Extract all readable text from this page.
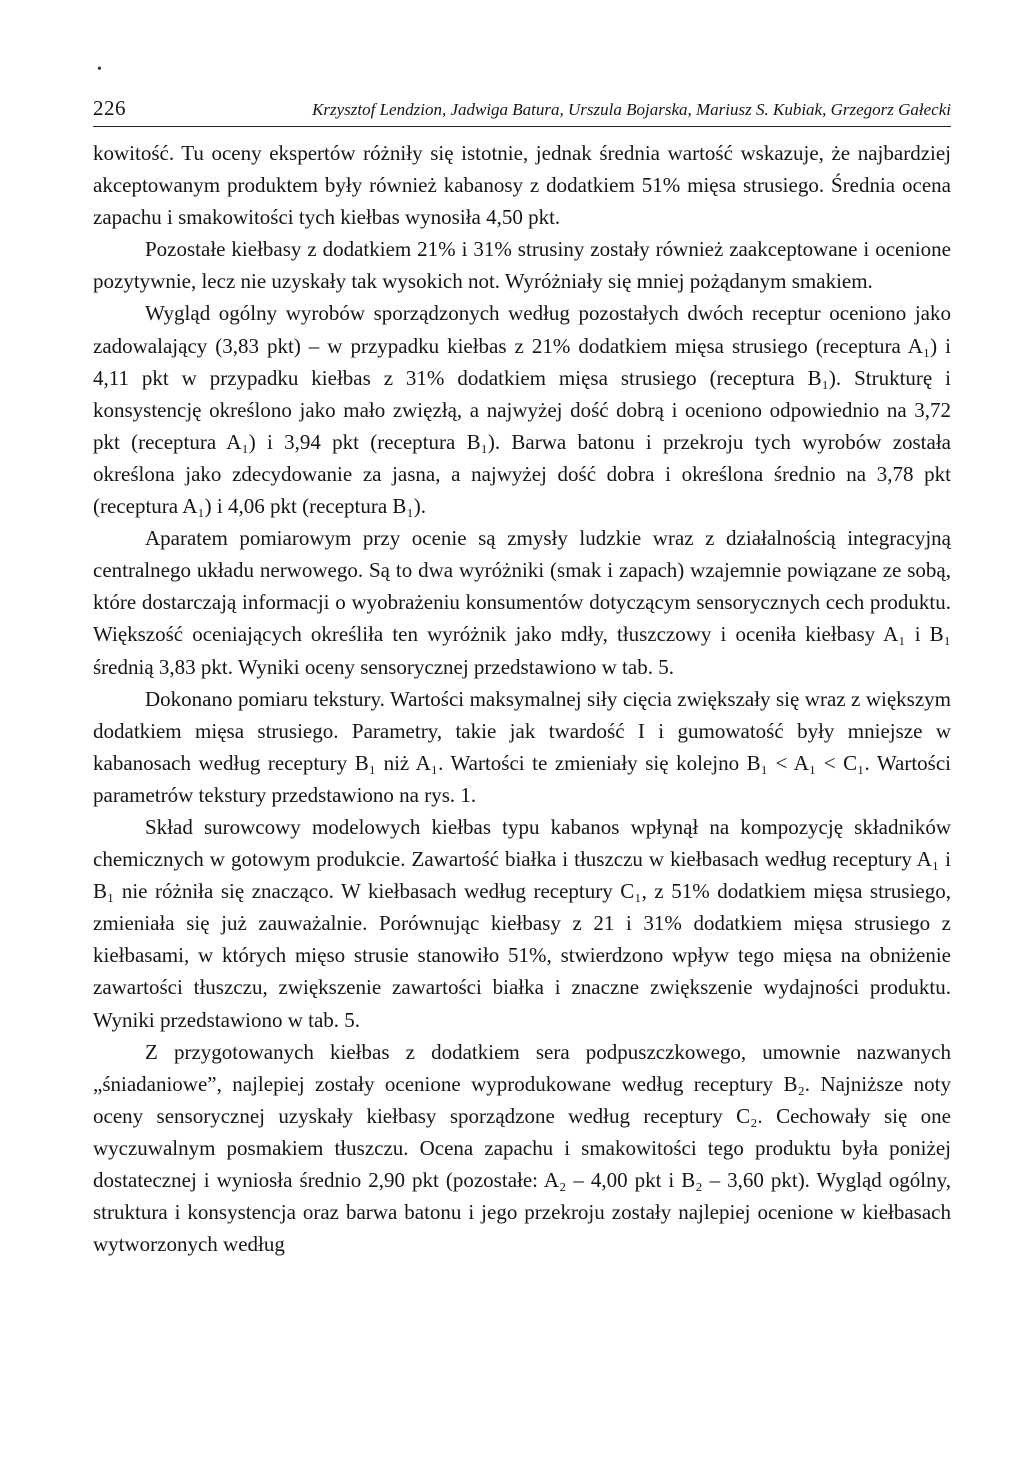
•
226	Krzysztof Lendzion, Jadwiga Batura, Urszula Bojarska, Mariusz S. Kubiak, Grzegorz Gałecki

kowitość. Tu oceny ekspertów różniły się istotnie, jednak średnia wartość wskazuje, że najbardziej akceptowanym produktem były również kabanosy z dodatkiem 51% mięsa strusiego. Średnia ocena zapachu i smakowitości tych kiełbas wynosiła 4,50 pkt.

Pozostałe kiełbasy z dodatkiem 21% i 31% strusiny zostały również zaakceptowane i ocenione pozytywnie, lecz nie uzyskały tak wysokich not. Wyróżniały się mniej pożądanym smakiem.

Wygląd ogólny wyrobów sporządzonych według pozostałych dwóch receptur oceniono jako zadowalający (3,83 pkt) – w przypadku kiełbas z 21% dodatkiem mięsa strusiego (receptura A₁) i 4,11 pkt w przypadku kiełbas z 31% dodatkiem mięsa strusiego (receptura B₁). Strukturę i konsystencję określono jako mało zwięzłą, a najwyżej dość dobrą i oceniono odpowiednio na 3,72 pkt (receptura A₁) i 3,94 pkt (receptura B₁). Barwa batonu i przekroju tych wyrobów została określona jako zdecydowanie za jasna, a najwyżej dość dobra i określona średnio na 3,78 pkt (receptura A₁) i 4,06 pkt (receptura B₁).

Aparatem pomiarowym przy ocenie są zmysły ludzkie wraz z działalnością integracyjną centralnego układu nerwowego. Są to dwa wyróżniki (smak i zapach) wzajemnie powiązane ze sobą, które dostarczają informacji o wyobrażeniu konsumentów dotyczącym sensorycznych cech produktu. Większość oceniających określiła ten wyróżnik jako mdły, tłuszczowy i oceniła kiełbasy A₁ i B₁ średnią 3,83 pkt. Wyniki oceny sensorycznej przedstawiono w tab. 5.

Dokonano pomiaru tekstury. Wartości maksymalnej siły cięcia zwiększały się wraz z większym dodatkiem mięsa strusiego. Parametry, takie jak twardość I i gumowatość były mniejsze w kabanosach według receptury B₁ niż A₁. Wartości te zmieniały się kolejno B₁ < A₁ < C₁. Wartości parametrów tekstury przedstawiono na rys. 1.

Skład surowcowy modelowych kiełbas typu kabanos wpłynął na kompozycję składników chemicznych w gotowym produkcie. Zawartość białka i tłuszczu w kiełbasach według receptury A₁ i B₁ nie różniła się znacząco. W kiełbasach według receptury C₁, z 51% dodatkiem mięsa strusiego, zmieniała się już zauważalnie. Porównując kiełbasy z 21 i 31% dodatkiem mięsa strusiego z kiełbasami, w których mięso strusie stanowiło 51%, stwierdzono wpływ tego mięsa na obniżenie zawartości tłuszczu, zwiększenie zawartości białka i znaczne zwiększenie wydajności produktu. Wyniki przedstawiono w tab. 5.

Z przygotowanych kiełbas z dodatkiem sera podpuszczkowego, umownie nazwanych „śniadaniowe”, najlepiej zostały ocenione wyprodukowane według receptury B₂. Najniższe noty oceny sensorycznej uzyskały kiełbasy sporządzone według receptury C₂. Cechowały się one wyczuwalnym posmakiem tłuszczu. Ocena zapachu i smakowitości tego produktu była poniżej dostatecznej i wyniosła średnio 2,90 pkt (pozostałe: A₂ – 4,00 pkt i B₂ – 3,60 pkt). Wygląd ogólny, struktura i konsystencja oraz barwa batonu i jego przekroju zostały najlepiej ocenione w kiełbasach wytworzonych według
